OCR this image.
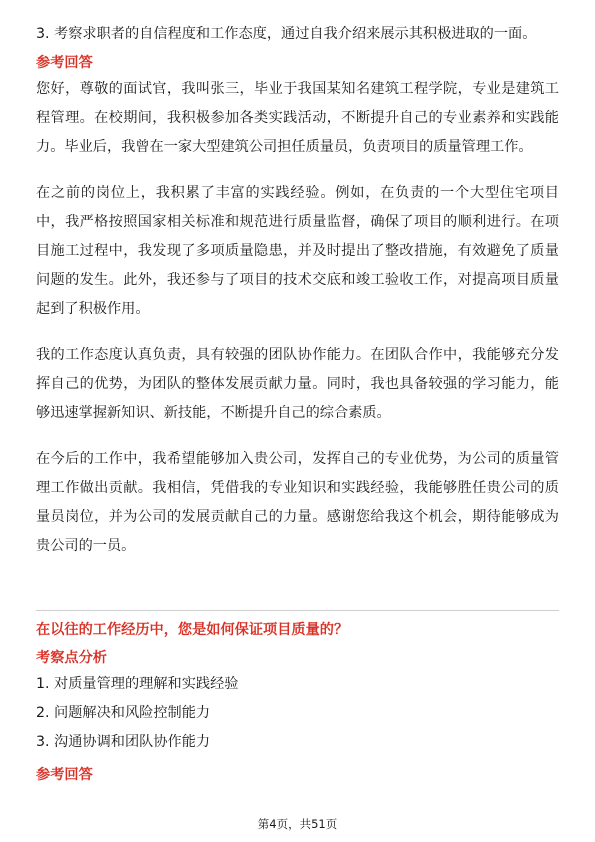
3. 考察求职者的自信程度和工作态度，通过自我介绍来展示其积极进取的一面。

参考回答

您好，尊敬的面试官，我叫张三，毕业于我国某知名建筑工程学院，专业是建筑工程管理。在校期间，我积极参加各类实践活动，不断提升自己的专业素养和实践能力。毕业后，我曾在一家大型建筑公司担任质量员，负责项目的质量管理工作。

在之前的岗位上，我积累了丰富的实践经验。例如，在负责的一个大型住宅项目中，我严格按照国家相关标准和规范进行质量监督，确保了项目的顺利进行。在项目施工过程中，我发现了多项质量隐患，并及时提出了整改措施，有效避免了质量问题的发生。此外，我还参与了项目的技术交底和竣工验收工作，对提高项目质量起到了积极作用。

我的工作态度认真负责，具有较强的团队协作能力。在团队合作中，我能够充分发挥自己的优势，为团队的整体发展贡献力量。同时，我也具备较强的学习能力，能够迅速掌握新知识、新技能，不断提升自己的综合素质。

在今后的工作中，我希望能够加入贵公司，发挥自己的专业优势，为公司的质量管理工作做出贡献。我相信，凭借我的专业知识和实践经验，我能够胜任贵公司的质量员岗位，并为公司的发展贡献自己的力量。感谢您给我这个机会，期待能够成为贵公司的一员。

在以往的工作经历中，您是如何保证项目质量的？

考察点分析

1. 对质量管理的理解和实践经验

2. 问题解决和风险控制能力

3. 沟通协调和团队协作能力

参考回答

第4页，共51页
